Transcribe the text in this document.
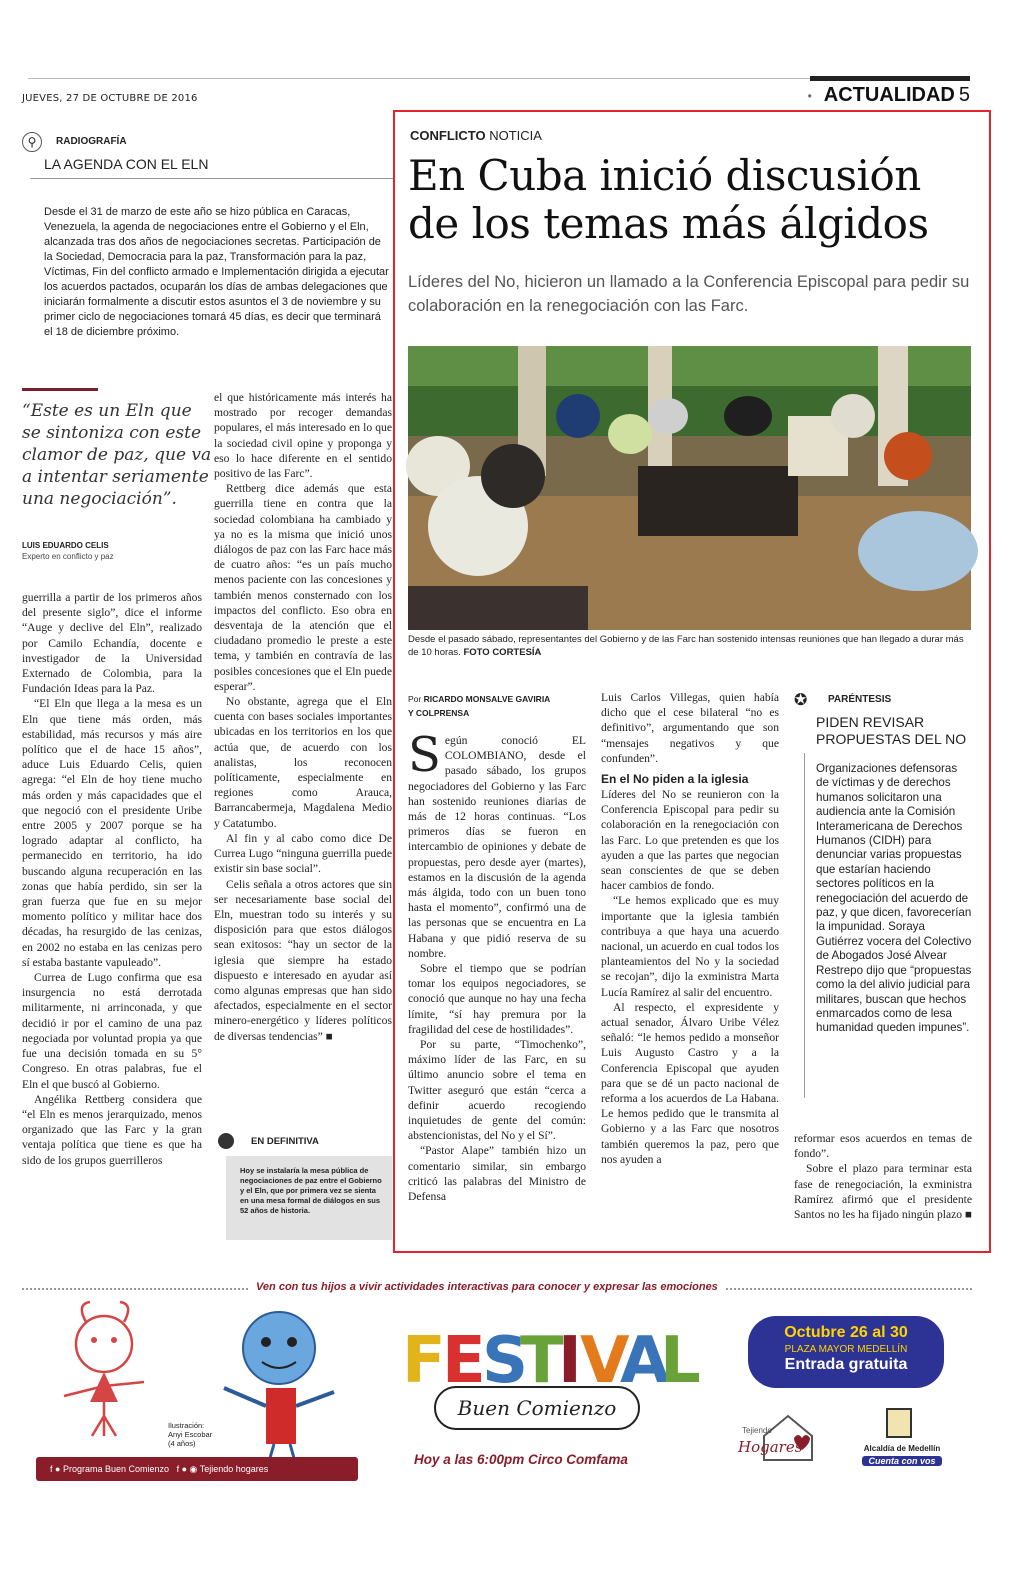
JUEVES, 27 DE OCTUBRE DE 2016	• ACTUALIDAD 5
⚲	RADIOGRAFÍA
LA AGENDA CON EL ELN
Desde el 31 de marzo de este año se hizo pública en Caracas, Venezuela, la agenda de negociaciones entre el Gobierno y el Eln, alcanzada tras dos años de negociaciones secretas. Participación de la Sociedad, Democracia para la paz, Transformación para la paz, Víctimas, Fin del conflicto armado e Implementación dirigida a ejecutar los acuerdos pactados, ocuparán los días de ambas delegaciones que iniciarán formalmente a discutir estos asuntos el 3 de noviembre y su primer ciclo de negociaciones tomará 45 días, es decir que terminará el 18 de diciembre próximo.
“Este es un Eln que se sintoniza con este clamor de paz, que va a intentar seriamente una negociación”.
LUIS EDUARDO CELIS
Experto en conflicto y paz

guerrilla a partir de los primeros años del presente siglo”, dice el informe “Auge y declive del Eln”, realizado por Camilo Echandía, docente e investigador de la Universidad Externado de Colombia, para la Fundación Ideas para la Paz.

“El Eln que llega a la mesa es un Eln que tiene más orden, más estabilidad, más recursos y más aire político que el de hace 15 años”, aduce Luis Eduardo Celis, quien agrega: “el Eln de hoy tiene mucho más orden y más capacidades que el que negoció con el presidente Uribe entre 2005 y 2007 porque se ha logrado adaptar al conflicto, ha permanecido en territorio, ha ido buscando alguna recuperación en las zonas que había perdido, sin ser la gran fuerza que fue en su mejor momento político y militar hace dos décadas, ha resurgido de las cenizas, en 2002 no estaba en las cenizas pero sí estaba bastante vapuleado”.

Currea de Lugo confirma que esa insurgencia no está derrotada militarmente, ni arrinconada, y que decidió ir por el camino de una paz negociada por voluntad propia ya que fue una decisión tomada en su 5° Congreso. En otras palabras, fue el Eln el que buscó al Gobierno.

Angélika Rettberg considera que “el Eln es menos jerarquizado, menos organizado que las Farc y la gran ventaja política que tiene es que ha sido de los grupos guerrilleros

el que históricamente más interés ha mostrado por recoger demandas populares, el más interesado en lo que la sociedad civil opine y proponga y eso lo hace diferente en el sentido positivo de las Farc”.

Rettberg dice además que esta guerrilla tiene en contra que la sociedad colombiana ha cambiado y ya no es la misma que inició unos diálogos de paz con las Farc hace más de cuatro años: “es un país mucho menos paciente con las concesiones y también menos consternado con los impactos del conflicto. Eso obra en desventaja de la atención que el ciudadano promedio le preste a este tema, y también en contravía de las posibles concesiones que el Eln puede esperar”.

No obstante, agrega que el Eln cuenta con bases sociales importantes ubicadas en los territorios en los que actúa que, de acuerdo con los analistas, los reconocen políticamente, especialmente en regiones como Arauca, Barrancabermeja, Magdalena Medio y Catatumbo.

Al fin y al cabo como dice De Currea Lugo “ninguna guerrilla puede existir sin base social”.

Celis señala a otros actores que sin ser necesariamente base social del Eln, muestran todo su interés y su disposición para que estos diálogos sean exitosos: “hay un sector de la iglesia que siempre ha estado dispuesto e interesado en ayudar así como algunas empresas que han sido afectados, especialmente en el sector minero-energético y líderes políticos de diversas tendencias” ■

EN DEFINITIVA
Hoy se instalaría la mesa pública de negociaciones de paz entre el Gobierno y el Eln, que por primera vez se sienta en una mesa formal de diálogos en sus 52 años de historia.
CONFLICTO NOTICIA
En Cuba inició discusión de los temas más álgidos
Líderes del No, hicieron un llamado a la Conferencia Episcopal para pedir su colaboración en la renegociación con las Farc.
Desde el pasado sábado, representantes del Gobierno y de las Farc han sostenido intensas reuniones que han llegado a durar más de 10 horas. FOTO CORTESÍA
Por RICARDO MONSALVE GAVIRIA
Y COLPRENSA

Según conoció EL COLOMBIANO, desde el pasado sábado, los grupos negociadores del Gobierno y las Farc han sostenido reuniones diarias de más de 12 horas continuas. “Los primeros días se fueron en intercambio de opiniones y debate de propuestas, pero desde ayer (martes), estamos en la discusión de la agenda más álgida, todo con un buen tono hasta el momento”, confirmó una de las personas que se encuentra en La Habana y que pidió reserva de su nombre.

Sobre el tiempo que se podrían tomar los equipos negociadores, se conoció que aunque no hay una fecha límite, “sí hay premura por la fragilidad del cese de hostilidades”.

Por su parte, “Timochenko”, máximo líder de las Farc, en su último anuncio sobre el tema en Twitter aseguró que están “cerca a definir acuerdo recogiendo inquietudes de gente del común: abstencionistas, del No y el Sí”.

“Pastor Alape” también hizo un comentario similar, sin embargo criticó las palabras del Ministro de Defensa

Luis Carlos Villegas, quien había dicho que el cese bilateral “no es definitivo”, argumentando que son “mensajes negativos y que confunden”.

En el No piden a la iglesia

Líderes del No se reunieron con la Conferencia Episcopal para pedir su colaboración en la renegociación con las Farc. Lo que pretenden es que los ayuden a que las partes que negocian sean conscientes de que se deben hacer cambios de fondo.

“Le hemos explicado que es muy importante que la iglesia también contribuya a que haya una acuerdo nacional, un acuerdo en cual todos los planteamientos del No y la sociedad se recojan”, dijo la exministra Marta Lucía Ramírez al salir del encuentro.

Al respecto, el expresidente y actual senador, Álvaro Uribe Vélez señaló: “le hemos pedido a monseñor Luis Augusto Castro y a la Conferencia Episcopal que ayuden para que se dé un pacto nacional de reforma a los acuerdos de La Habana. Le hemos pedido que le transmita al Gobierno y a las Farc que nosotros también queremos la paz, pero que nos ayuden a

reformar esos acuerdos en temas de fondo”.

Sobre el plazo para terminar esta fase de renegociación, la exministra Ramírez afirmó que el presidente Santos no les ha fijado ningún plazo ■

✪	PARÉNTESIS
PIDEN REVISAR PROPUESTAS DEL NO
Organizaciones defensoras de víctimas y de derechos humanos solicitaron una audiencia ante la Comisión Interamericana de Derechos Humanos (CIDH) para denunciar varias propuestas que estarían haciendo sectores políticos en la renegociación del acuerdo de paz, y que dicen, favorecerían la impunidad. Soraya Gutiérrez vocera del Colectivo de Abogados José Alvear Restrepo dijo que “propuestas como la del alivio judicial para militares, buscan que hechos enmarcados como de lesa humanidad queden impunes”.
Ven con tus hijos a vivir actividades interactivas para conocer y expresar las emociones
Ilustración:
Anyi Escobar
(4 años)
f ● Programa Buen Comienzo f ● ◉ Tejiendo hogares
F
E
S
T
I
V
A
L
Buen Comienzo
Hoy a las 6:00pm Circo Comfama
Octubre 26 al 30
PLAZA MAYOR MEDELLÍN
Entrada gratuita
Tejiendo
Hogares	Alcaldía de Medellín
Cuenta con vos
